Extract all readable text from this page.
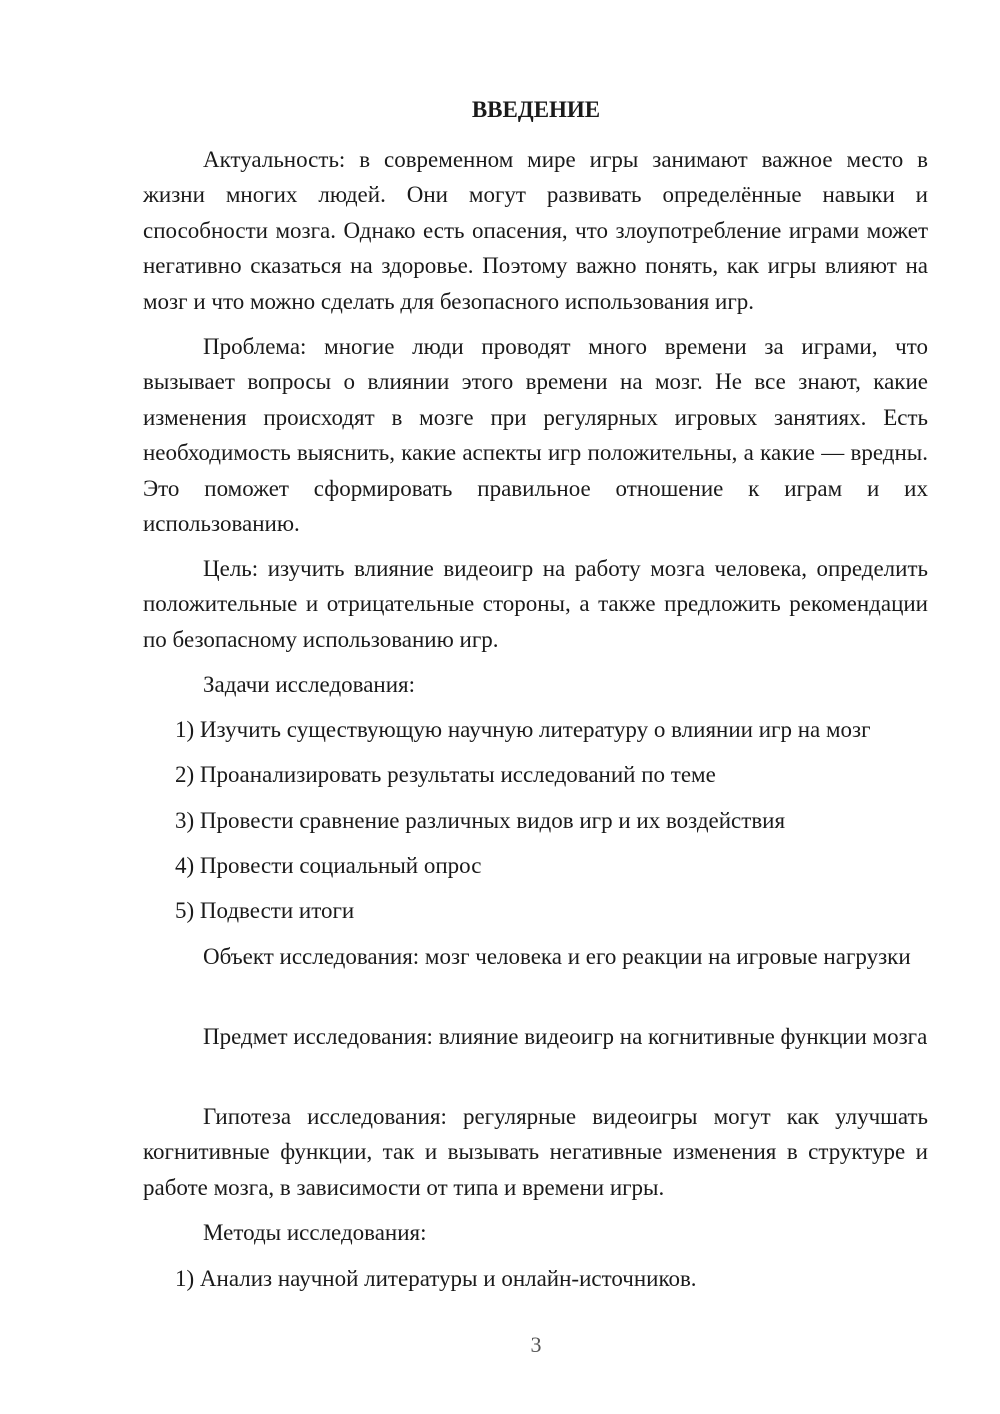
ВВЕДЕНИЕ

Актуальность: в современном мире игры занимают важное место в жизни многих людей. Они могут развивать определённые навыки и способности мозга. Однако есть опасения, что злоупотребление играми может негативно сказаться на здоровье. Поэтому важно понять, как игры влияют на мозг и что можно сделать для безопасного использования игр.

Проблема: многие люди проводят много времени за играми, что вызывает вопросы о влиянии этого времени на мозг. Не все знают, какие изменения происходят в мозге при регулярных игровых занятиях. Есть необходимость выяснить, какие аспекты игр положительны, а какие — вредны. Это поможет сформировать правильное отношение к играм и их использованию.

Цель: изучить влияние видеоигр на работу мозга человека, определить положительные и отрицательные стороны, а также предложить рекомендации по безопасному использованию игр.

Задачи исследования:

1) Изучить существующую научную литературу о влиянии игр на мозг

2) Проанализировать результаты исследований по теме

3) Провести сравнение различных видов игр и их воздействия

4) Провести социальный опрос

5) Подвести итоги

Объект исследования: мозг человека и его реакции на игровые нагрузки

Предмет исследования: влияние видеоигр на когнитивные функции мозга

Гипотеза исследования: регулярные видеоигры могут как улучшать когнитивные функции, так и вызывать негативные изменения в структуре и работе мозга, в зависимости от типа и времени игры.

Методы исследования:

1) Анализ научной литературы и онлайн-источников.

3
